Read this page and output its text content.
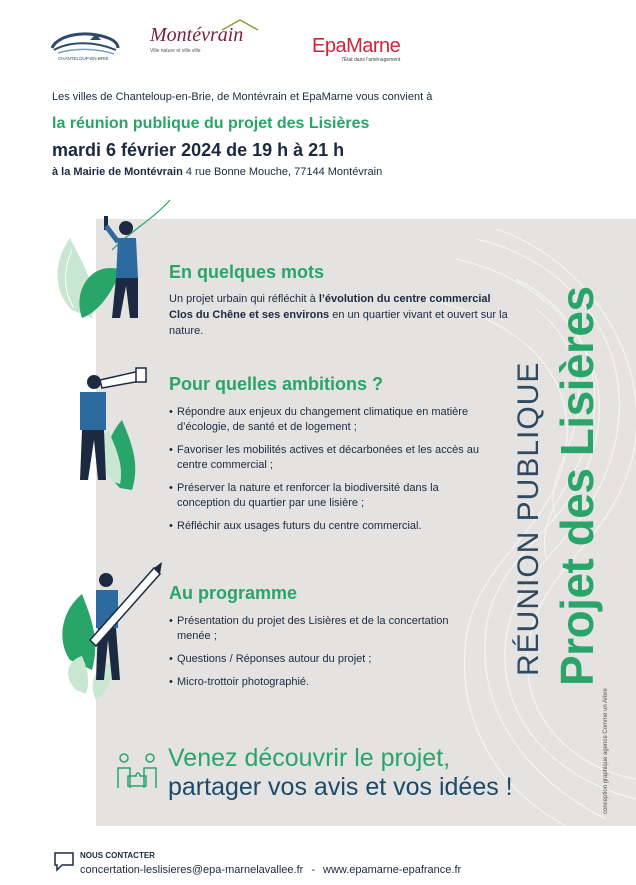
CHANTELOUP-EN-BRIE
Montévrain
Ville nature et ville ville	EpaMarne
l'État dans l'aménagement
Les villes de Chanteloup-en-Brie, de Montévrain et EpaMarne vous convient à
la réunion publique du projet des Lisières
mardi 6 février 2024 de 19 h à 21 h
à la Mairie de Montévrain 4 rue Bonne Mouche, 77144 Montévrain
En quelques mots
Un projet urbain qui réfléchit à l’évolution du centre commercial Clos du Chêne et ses environs en un quartier vivant et ouvert sur la nature.
Pour quelles ambitions ?
• Répondre aux enjeux du changement climatique en matière d’écologie, de santé et de logement ;
• Favoriser les mobilités actives et décarbonées et les accès au centre commercial ;
• Préserver la nature et renforcer la biodiversité dans la conception du quartier par une lisière ;
• Réfléchir aux usages futurs du centre commercial.
Au programme
• Présentation du projet des Lisières et de la concertation menée ;
• Questions / Réponses autour du projet ;
• Micro-trottoir photographié.
RÉUNION PUBLIQUE Projet des Lisières
conception graphique agence Comme un Arbre
Venez découvrir le projet,
partager vos avis et vos idées !
NOUS CONTACTER
concertation-leslisieres@epa-marnelavallee.fr - www.epamarne-epafrance.fr
